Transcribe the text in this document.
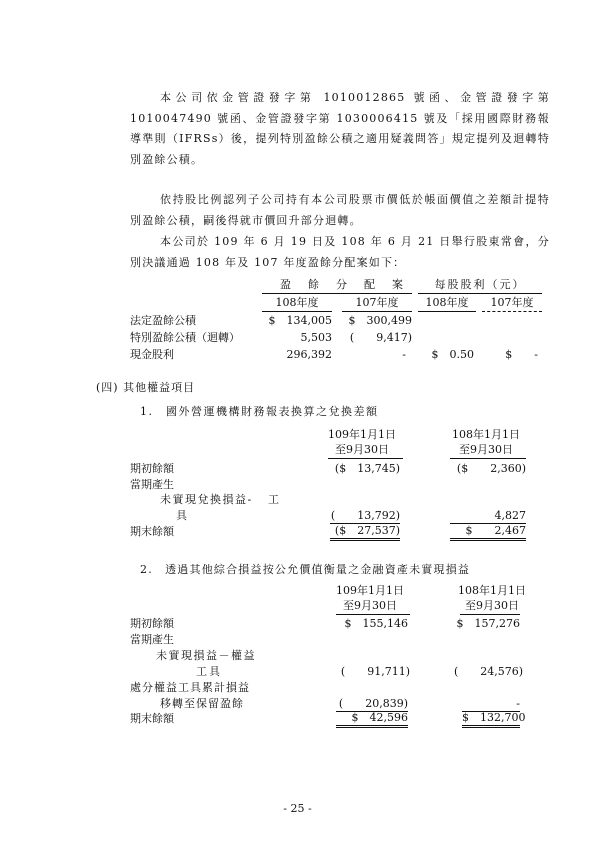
本公司依金管證發字第 1010012865 號函、金管證發字第 1010047490 號函、金管證發字第 1030006415 號及「採用國際財務報導準則（IFRSs）後，提列特別盈餘公積之適用疑義問答」規定提列及迴轉特別盈餘公積。
依持股比例認列子公司持有本公司股票市價低於帳面價值之差額計提特別盈餘公積，嗣後得就市價回升部分迴轉。
本公司於 109 年 6 月 19 日及 108 年 6 月 21 日舉行股東常會，分別決議通過 108 年及 107 年度盈餘分配案如下：
盈　餘　分　配　案	每股股利（元）
108年度	107年度	108年度	107年度
法定盈餘公積	$　134,005	$　300,499
特別盈餘公積（迴轉）	5,503	(　　9,417)
現金股利	296,392	-	$　0.50	$　　-
(四) 其他權益項目
1.　國外營運機構財務報表換算之兌換差額
109年1月1日
至9月30日
108年1月1日
至9月30日
期初餘額	($　13,745)	($　　2,360)
當期產生
未實現兌換損益- 工
具	(　　13,792)	4,827
期末餘額	($　27,537)	$　　2,467
2.　透過其他綜合損益按公允價值衡量之金融資產未實現損益
109年1月1日
至9月30日
108年1月1日
至9月30日
期初餘額	$　155,146	$　157,276
當期產生
未實現損益－權益
工具	(　　91,711)	(　　24,576)
處分權益工具累計損益
移轉至保留盈餘	(　　20,839)	-
期末餘額	$　42,596	$　132,700
- 25 -
